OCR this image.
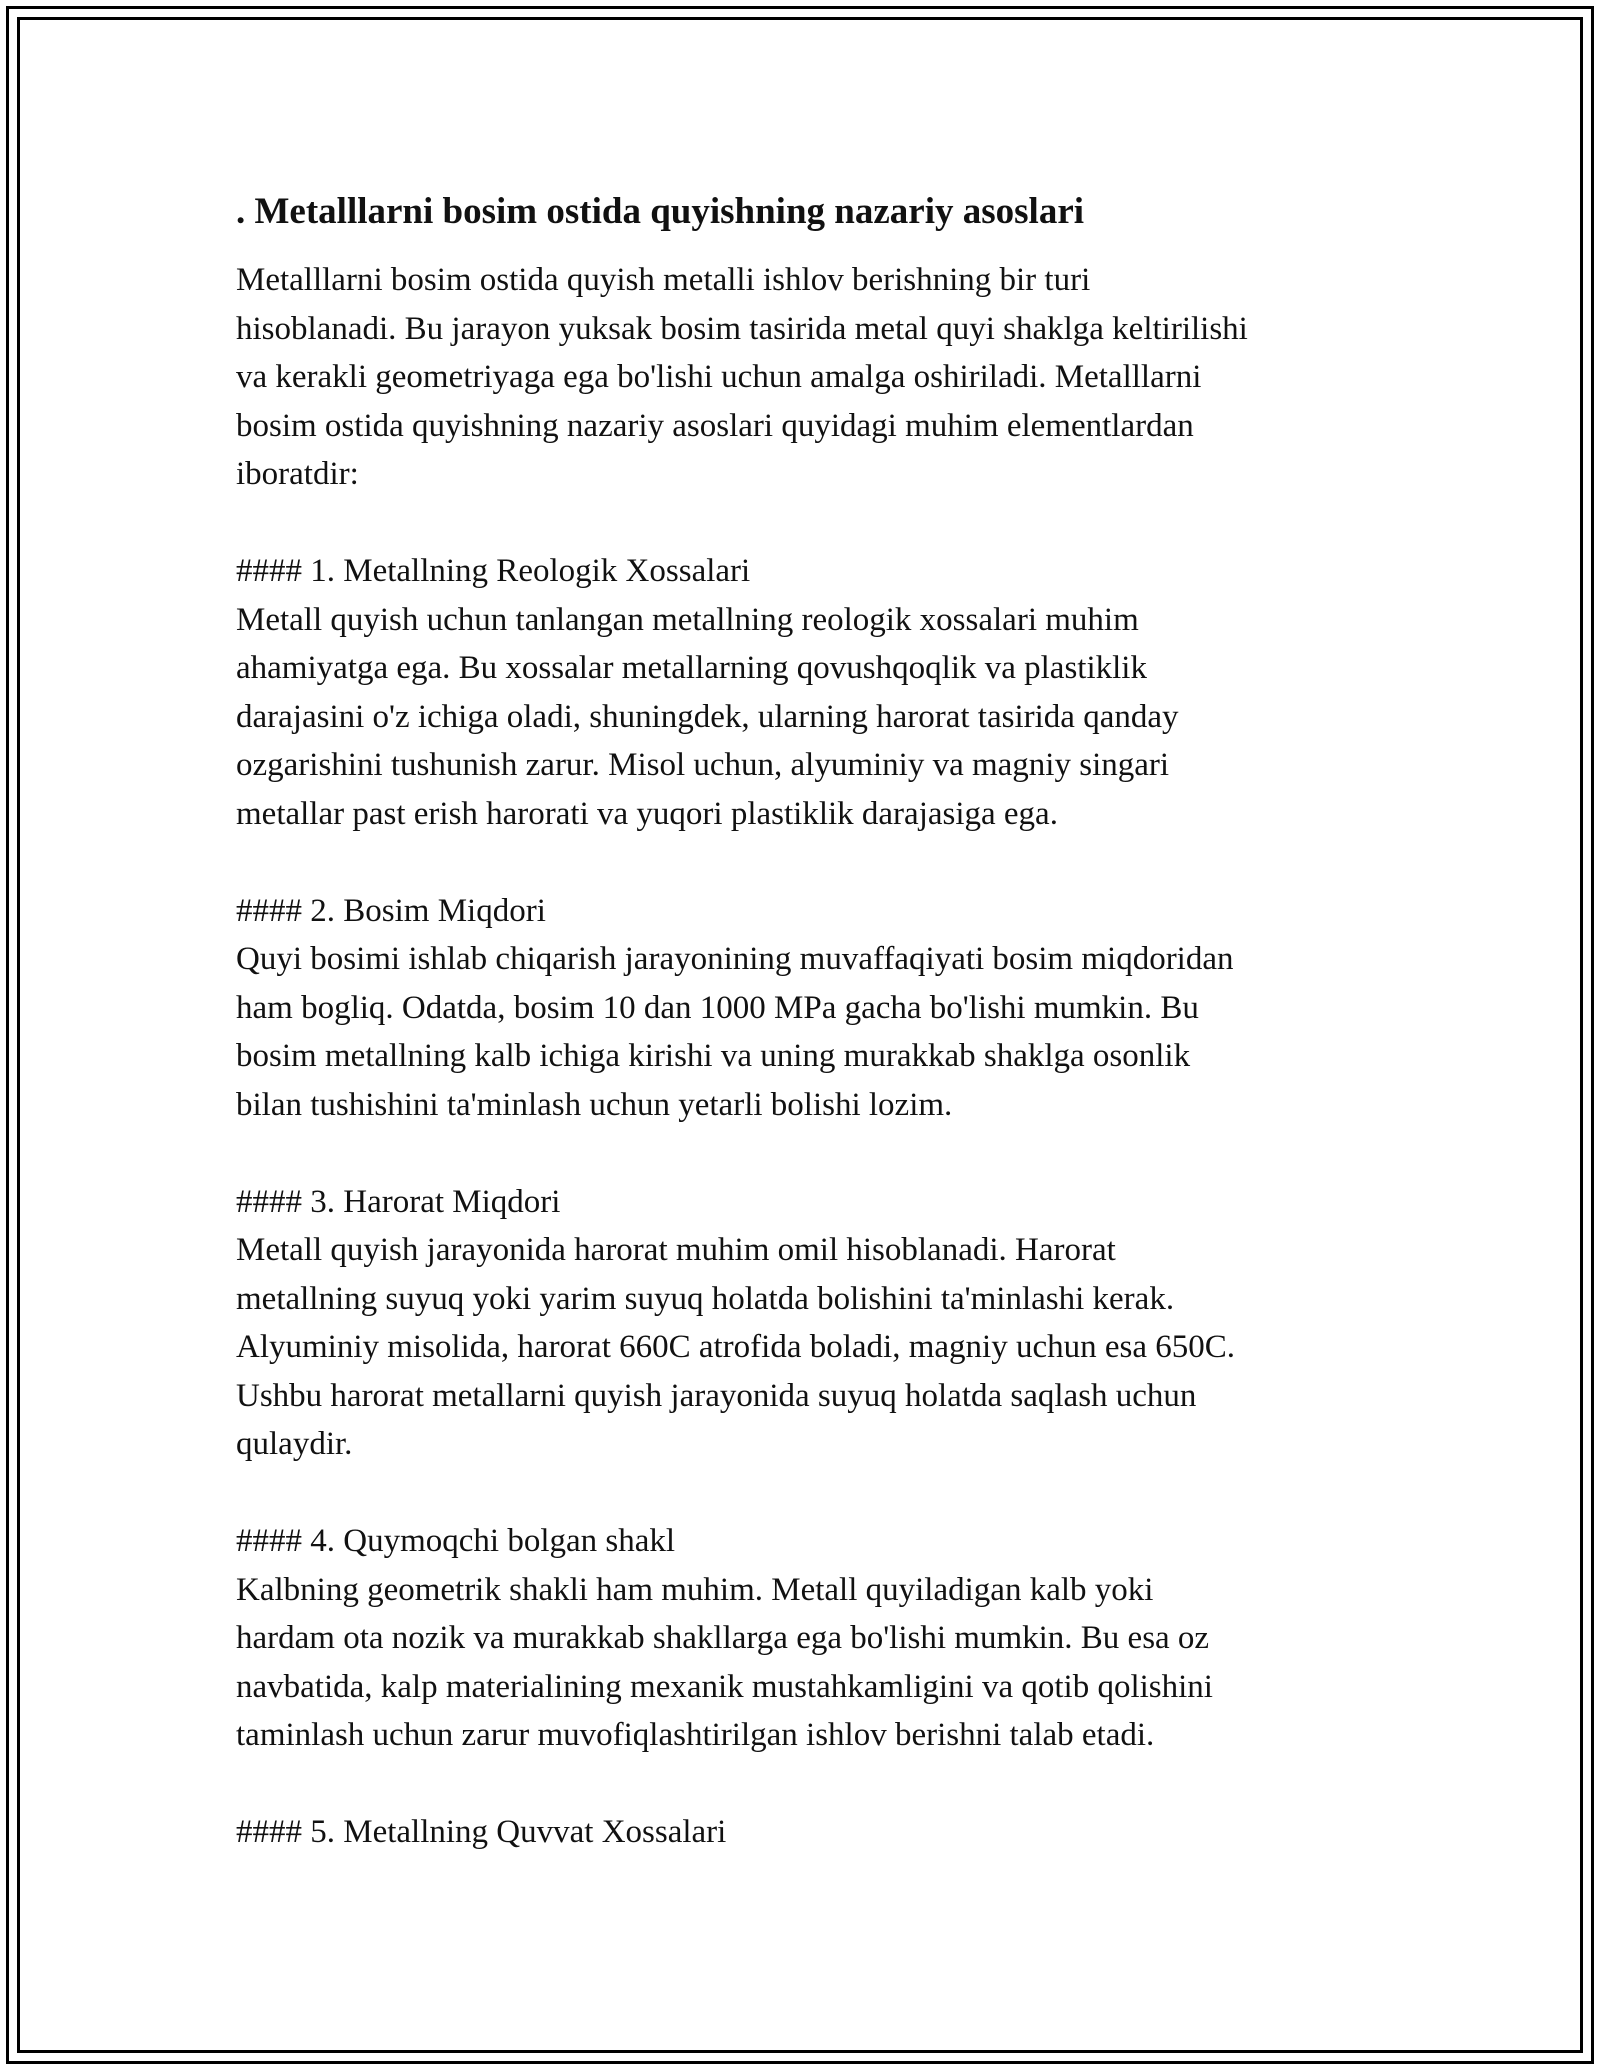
. Metalllarni bosim ostida quyishning nazariy asoslari

Metalllarni bosim ostida quyish metalli ishlov berishning bir turi
hisoblanadi. Bu jarayon yuksak bosim tasirida metal quyi shaklga keltirilishi
va kerakli geometriyaga ega bo'lishi uchun amalga oshiriladi. Metalllarni
bosim ostida quyishning nazariy asoslari quyidagi muhim elementlardan
iboratdir:

#### 1. Metallning Reologik Xossalari

Metall quyish uchun tanlangan metallning reologik xossalari muhim
ahamiyatga ega. Bu xossalar metallarning qovushqoqlik va plastiklik
darajasini o'z ichiga oladi, shuningdek, ularning harorat tasirida qanday
ozgarishini tushunish zarur. Misol uchun, alyuminiy va magniy singari
metallar past erish harorati va yuqori plastiklik darajasiga ega.

#### 2. Bosim Miqdori

Quyi bosimi ishlab chiqarish jarayonining muvaffaqiyati bosim miqdoridan
ham bogliq. Odatda, bosim 10 dan 1000 MPa gacha bo'lishi mumkin. Bu
bosim metallning kalb ichiga kirishi va uning murakkab shaklga osonlik
bilan tushishini ta'minlash uchun yetarli bolishi lozim.

#### 3. Harorat Miqdori

Metall quyish jarayonida harorat muhim omil hisoblanadi. Harorat
metallning suyuq yoki yarim suyuq holatda bolishini ta'minlashi kerak.
Alyuminiy misolida, harorat 660C atrofida boladi, magniy uchun esa 650C.
Ushbu harorat metallarni quyish jarayonida suyuq holatda saqlash uchun
qulaydir.

#### 4. Quymoqchi bolgan shakl

Kalbning geometrik shakli ham muhim. Metall quyiladigan kalb yoki
hardam ota nozik va murakkab shakllarga ega bo'lishi mumkin. Bu esa oz
navbatida, kalp materialining mexanik mustahkamligini va qotib qolishini
taminlash uchun zarur muvofiqlashtirilgan ishlov berishni talab etadi.

#### 5. Metallning Quvvat Xossalari
